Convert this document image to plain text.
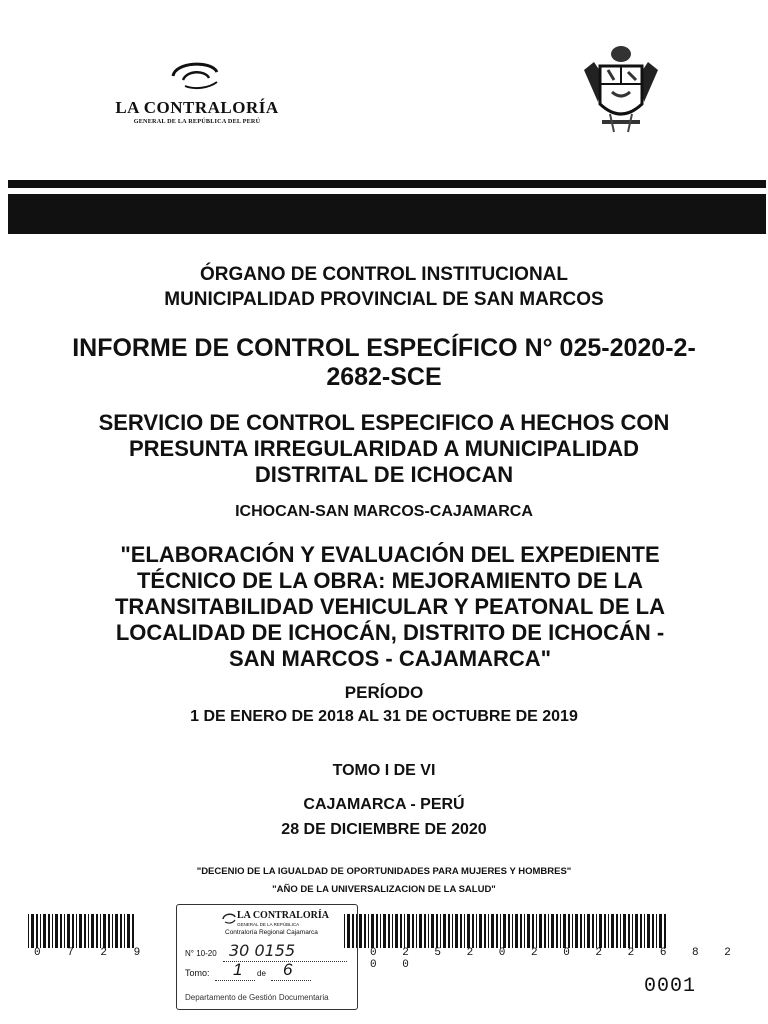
LA CONTRALORÍA
GENERAL DE LA REPÚBLICA DEL PERÚ
ÓRGANO DE CONTROL INSTITUCIONAL
MUNICIPALIDAD PROVINCIAL DE SAN MARCOS
INFORME DE CONTROL ESPECÍFICO N° 025-2020-2-
2682-SCE
SERVICIO DE CONTROL ESPECIFICO A HECHOS CON
PRESUNTA IRREGULARIDAD A MUNICIPALIDAD
DISTRITAL DE ICHOCAN
ICHOCAN-SAN MARCOS-CAJAMARCA
"ELABORACIÓN Y EVALUACIÓN DEL EXPEDIENTE
TÉCNICO DE LA OBRA: MEJORAMIENTO DE LA
TRANSITABILIDAD VEHICULAR Y PEATONAL DE LA
LOCALIDAD DE ICHOCÁN, DISTRITO DE ICHOCÁN -
SAN MARCOS - CAJAMARCA"
PERÍODO
1 DE ENERO DE 2018 AL 31 DE OCTUBRE DE 2019
TOMO I DE VI
CAJAMARCA - PERÚ
28 DE DICIEMBRE DE 2020
"DECENIO DE LA IGUALDAD DE OPORTUNIDADES PARA MUJERES Y HOMBRES"
"AÑO DE LA UNIVERSALIZACION DE LA SALUD"
0 7 2 9	0 2 5 2 0 2 0 2 2 6 8 2 0 0
LA CONTRALORÍA
GENERAL DE LA REPÚBLICA
Contraloría Regional Cajamarca
N° 10-20 30 0155
Tomo: 1 de 6
Departamento de Gestión Documentaria	0001
